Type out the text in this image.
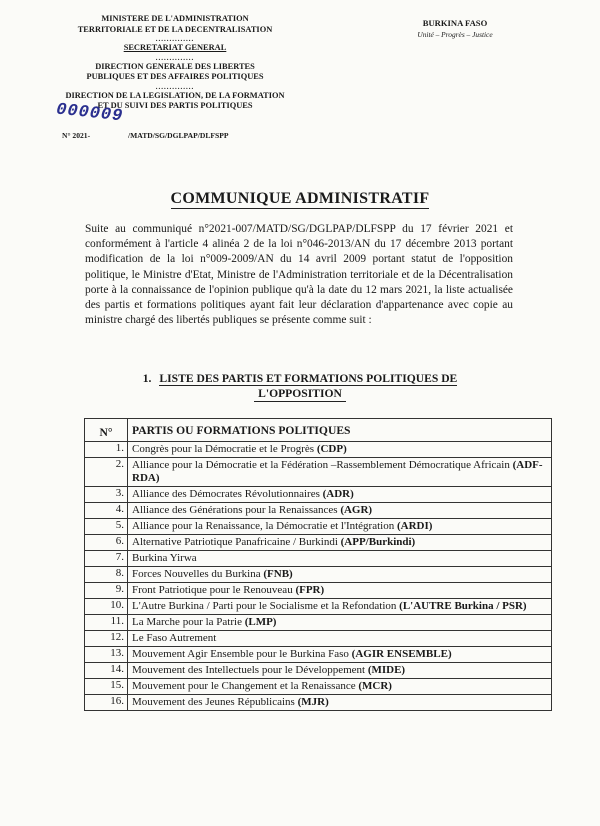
MINISTERE DE L'ADMINISTRATION
TERRITORIALE ET DE LA DECENTRALISATION
..............
SECRETARIAT GENERAL
..............
DIRECTION GENERALE DES LIBERTES
PUBLIQUES ET DES AFFAIRES POLITIQUES
..............
DIRECTION DE LA LEGISLATION, DE LA FORMATION
ET DU SUIVI DES PARTIS POLITIQUES
BURKINA FASO
Unité – Progrès – Justice
000009
N° 2021-	/MATD/SG/DGLPAP/DLFSPP
COMMUNIQUE ADMINISTRATIF
Suite au communiqué n°2021-007/MATD/SG/DGLPAP/DLFSPP du 17 février 2021 et conformément à l'article 4 alinéa 2 de la loi n°046-2013/AN du 17 décembre 2013 portant modification de la loi n°009-2009/AN du 14 avril 2009 portant statut de l'opposition politique, le Ministre d'Etat, Ministre de l'Administration territoriale et de la Décentralisation porte à la connaissance de l'opinion publique qu'à la date du 12 mars 2021, la liste actualisée des partis et formations politiques ayant fait leur déclaration d'appartenance avec copie au ministre chargé des libertés publiques se présente comme suit :
1. LISTE DES PARTIS ET FORMATIONS POLITIQUES DE
L'OPPOSITION
N°	PARTIS OU FORMATIONS POLITIQUES
1.	Congrès pour la Démocratie et le Progrès (CDP)
2.	Alliance pour la Démocratie et la Fédération –Rassemblement Démocratique Africain (ADF-RDA)
3.	Alliance des Démocrates Révolutionnaires (ADR)
4.	Alliance des Générations pour la Renaissances (AGR)
5.	Alliance pour la Renaissance, la Démocratie et l'Intégration (ARDI)
6.	Alternative Patriotique Panafricaine / Burkindi (APP/Burkindi)
7.	Burkina Yirwa
8.	Forces Nouvelles du Burkina (FNB)
9.	Front Patriotique pour le Renouveau (FPR)
10.	L'Autre Burkina / Parti pour le Socialisme et la Refondation (L'AUTRE Burkina / PSR)
11.	La Marche pour la Patrie (LMP)
12.	Le Faso Autrement
13.	Mouvement Agir Ensemble pour le Burkina Faso (AGIR ENSEMBLE)
14.	Mouvement des Intellectuels pour le Développement (MIDE)
15.	Mouvement pour le Changement et la Renaissance (MCR)
16.	Mouvement des Jeunes Républicains (MJR)
